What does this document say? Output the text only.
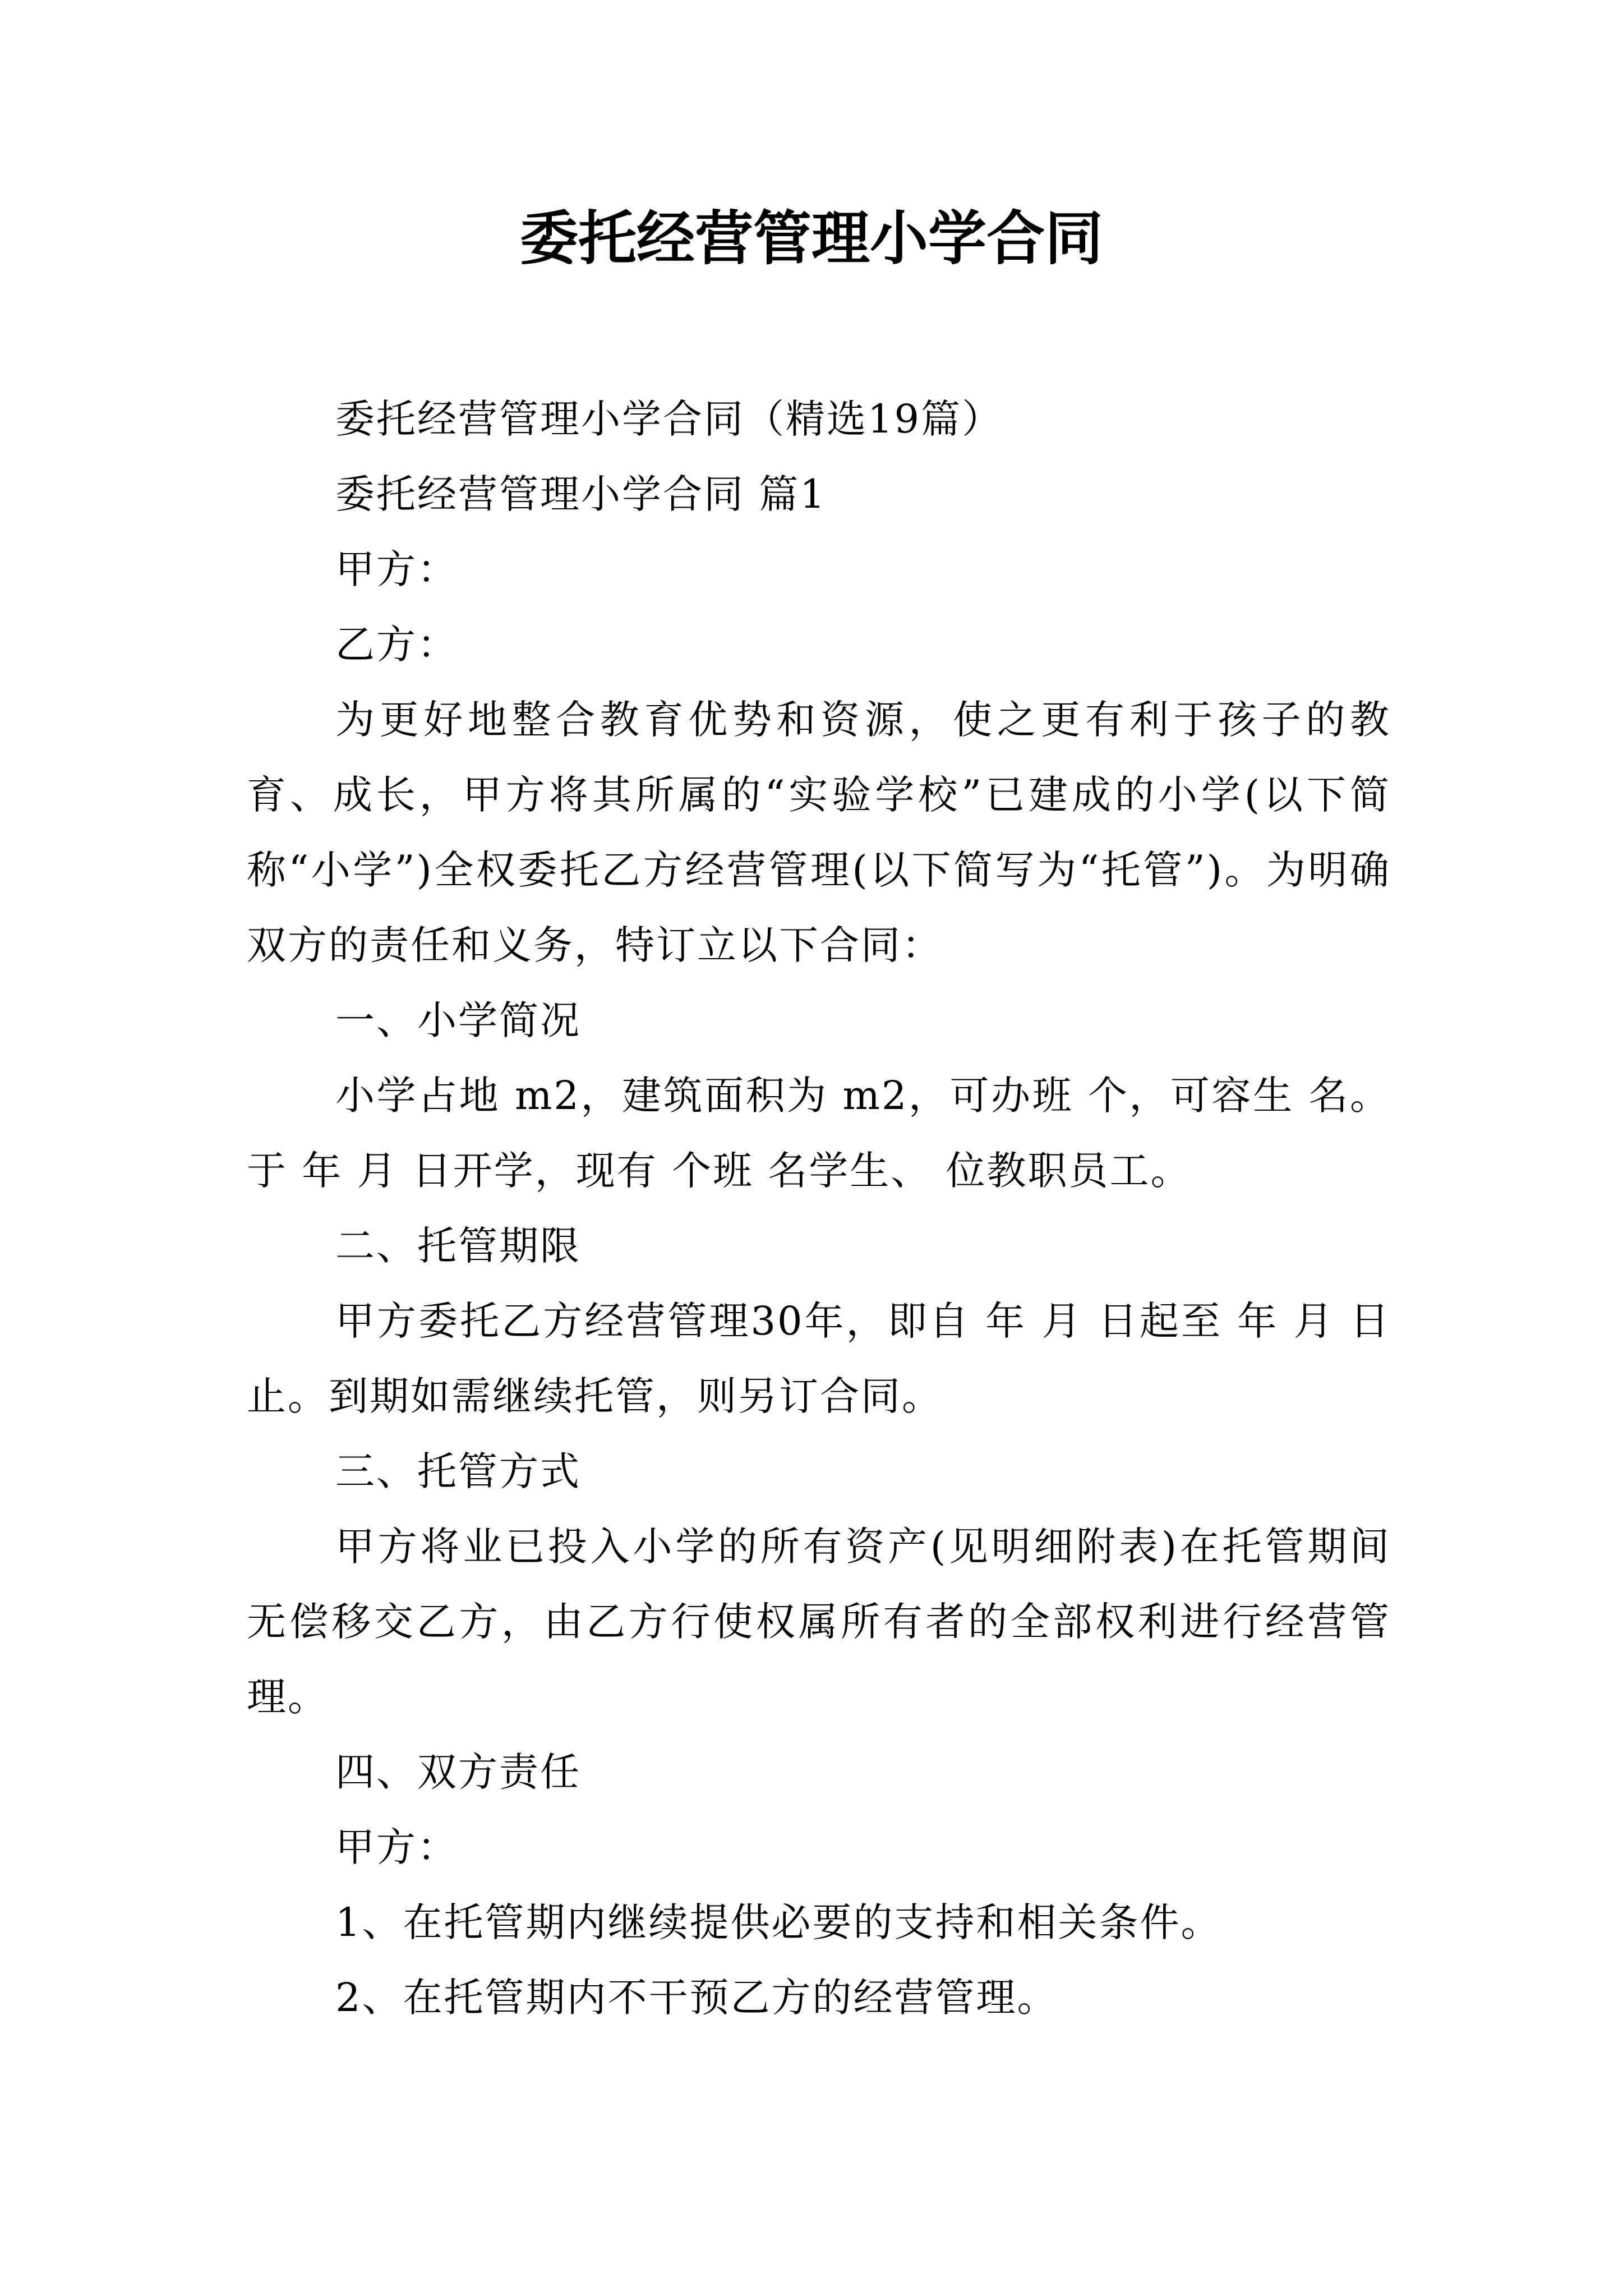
委托经营管理小学合同

委托经营管理小学合同（精选19篇）

委托经营管理小学合同 篇1

甲方：

乙方：

为更好地整合教育优势和资源，使之更有利于孩子的教育、成长，甲方将其所属的“实验学校”已建成的小学(以下简称“小学”)全权委托乙方经营管理(以下简写为“托管”)。为明确双方的责任和义务，特订立以下合同：

一、小学简况

小学占地 m2，建筑面积为 m2，可办班 个，可容生 名。于 年 月 日开学，现有 个班 名学生、 位教职员工。

二、托管期限

甲方委托乙方经营管理30年，即自 年 月 日起至 年 月 日止。到期如需继续托管，则另订合同。

三、托管方式

甲方将业已投入小学的所有资产(见明细附表)在托管期间无偿移交乙方，由乙方行使权属所有者的全部权利进行经营管理。

四、双方责任

甲方：

1、在托管期内继续提供必要的支持和相关条件。

2、在托管期内不干预乙方的经营管理。
